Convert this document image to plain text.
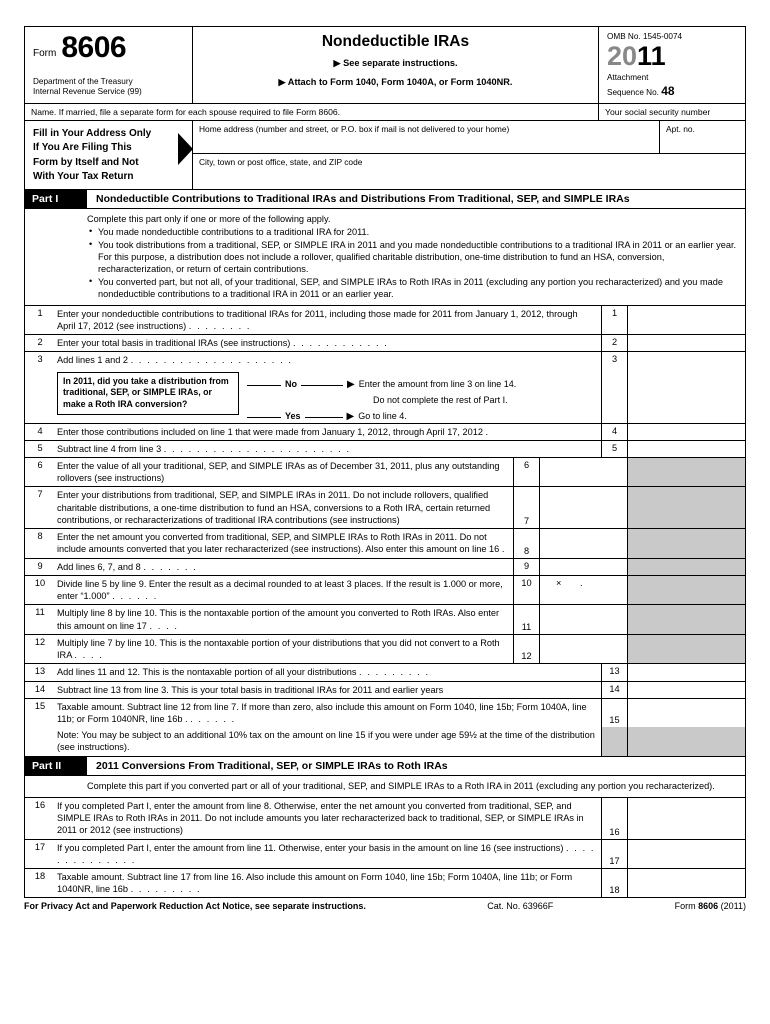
Form 8606
Department of the Treasury
Internal Revenue Service (99)
Nondeductible IRAs
▶ See separate instructions.
▶ Attach to Form 1040, Form 1040A, or Form 1040NR.
OMB No. 1545-0074
2011
Attachment
Sequence No. 48
Name. If married, file a separate form for each spouse required to file Form 8606.	Your social security number
Fill in Your Address Only
If You Are Filing This
Form by Itself and Not
With Your Tax Return
Home address (number and street, or P.O. box if mail is not delivered to your home)	Apt. no.
City, town or post office, state, and ZIP code
Part I	Nondeductible Contributions to Traditional IRAs and Distributions From Traditional, SEP, and SIMPLE IRAs

Complete this part only if one or more of the following apply.

• You made nondeductible contributions to a traditional IRA for 2011.
• You took distributions from a traditional, SEP, or SIMPLE IRA in 2011 and you made nondeductible contributions to a traditional IRA in 2011 or an earlier year. For this purpose, a distribution does not include a rollover, qualified charitable distribution, one-time distribution to fund an HSA, conversion, recharacterization, or return of certain contributions.
• You converted part, but not all, of your traditional, SEP, and SIMPLE IRAs to Roth IRAs in 2011 (excluding any portion you recharacterized) and you made nondeductible contributions to a traditional IRA in 2011 or an earlier year.
1	Enter your nondeductible contributions to traditional IRAs for 2011, including those made for 2011 from January 1, 2012, through April 17, 2012 (see instructions) . . . . . . . .
1
2	Enter your total basis in traditional IRAs (see instructions) . . . . . . . . . . . .	2
3	Add lines 1 and 2 . . . . . . . . . . . . . . . . . . . .	3
In 2011, did you take a distribution from traditional, SEP, or SIMPLE IRAs, or make a Roth IRA conversion?
No	▶ Enter the amount from line 3 on line 14.
Do not complete the rest of Part I.
Yes	▶ Go to line 4.
4	Enter those contributions included on line 1 that were made from January 1, 2012, through April 17, 2012 .	4
5	Subtract line 4 from line 3 . . . . . . . . . . . . . . . . . . . . . . .	5
6	Enter the value of all your traditional, SEP, and SIMPLE IRAs as of December 31, 2011, plus any outstanding rollovers (see instructions)
6
7	Enter your distributions from traditional, SEP, and SIMPLE IRAs in 2011. Do not include rollovers, qualified charitable distributions, a one-time distribution to fund an HSA, conversions to a Roth IRA, certain returned contributions, or recharacterizations of traditional IRA contributions (see instructions)	7
8	Enter the net amount you converted from traditional, SEP, and SIMPLE IRAs to Roth IRAs in 2011. Do not include amounts converted that you later recharacterized (see instructions). Also enter this amount on line 16 .	8
9	Add lines 6, 7, and 8 . . . . . . .	9
10	Divide line 5 by line 9. Enter the result as a decimal rounded to at least 3 places. If the result is 1.000 or more, enter “1.000” . . . . . .
10	× .
11	Multiply line 8 by line 10. This is the nontaxable portion of the amount you converted to Roth IRAs. Also enter this amount on line 17 . . . .	11
12	Multiply line 7 by line 10. This is the nontaxable portion of your distributions that you did not convert to a Roth IRA . . . .	12
13	Add lines 11 and 12. This is the nontaxable portion of all your distributions . . . . . . . . .	13
14	Subtract line 13 from line 3. This is your total basis in traditional IRAs for 2011 and earlier years	14
15	Taxable amount. Subtract line 12 from line 7. If more than zero, also include this amount on Form 1040, line 15b; Form 1040A, line 11b; or Form 1040NR, line 16b . . . . . . .	15
Note: You may be subject to an additional 10% tax on the amount on line 15 if you were under age 59½ at the time of the distribution (see instructions).
Part II	2011 Conversions From Traditional, SEP, or SIMPLE IRAs to Roth IRAs

Complete this part if you converted part or all of your traditional, SEP, and SIMPLE IRAs to a Roth IRA in 2011 (excluding any portion you recharacterized).

16	If you completed Part I, enter the amount from line 8. Otherwise, enter the net amount you converted from traditional, SEP, and SIMPLE IRAs to Roth IRAs in 2011. Do not include amounts you later recharacterized back to traditional, SEP, or SIMPLE IRAs in 2011 or 2012 (see instructions)	16
17	If you completed Part I, enter the amount from line 11. Otherwise, enter your basis in the amount on line 16 (see instructions) . . . . . . . . . . . . . .	17
18	Taxable amount. Subtract line 17 from line 16. Also include this amount on Form 1040, line 15b; Form 1040A, line 11b; or Form 1040NR, line 16b . . . . . . . . .	18
For Privacy Act and Paperwork Reduction Act Notice, see separate instructions.	Cat. No. 63966F	Form 8606 (2011)
